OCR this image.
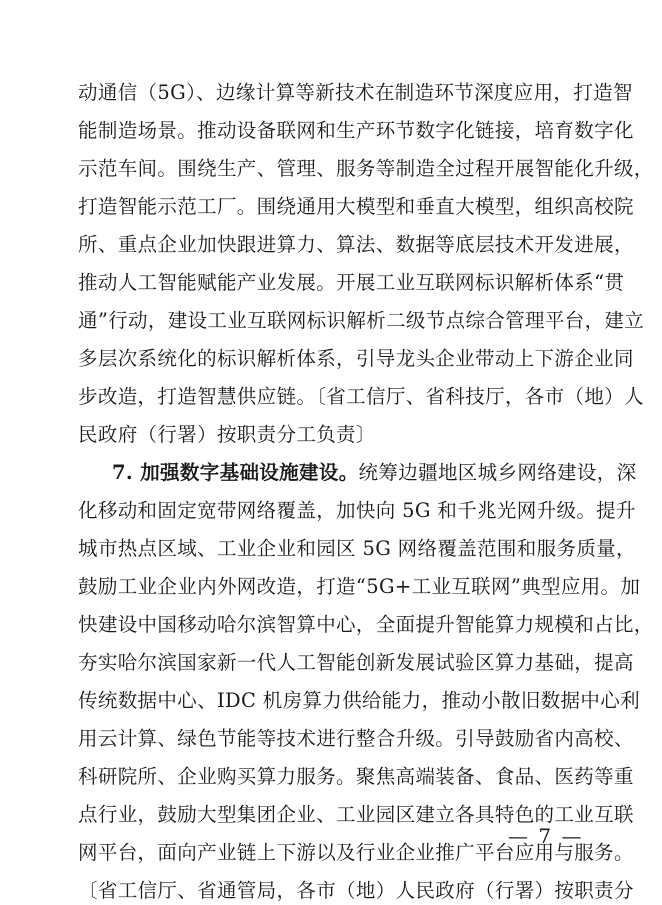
动通信（5G）、边缘计算等新技术在制造环节深度应用，打造智
能制造场景。推动设备联网和生产环节数字化链接，培育数字化
示范车间。围绕生产、管理、服务等制造全过程开展智能化升级，
打造智能示范工厂。围绕通用大模型和垂直大模型，组织高校院
所、重点企业加快跟进算力、算法、数据等底层技术开发进展，
推动人工智能赋能产业发展。开展工业互联网标识解析体系“贯
通”行动，建设工业互联网标识解析二级节点综合管理平台，建立
多层次系统化的标识解析体系，引导龙头企业带动上下游企业同
步改造，打造智慧供应链。〔省工信厅、省科技厅，各市（地）人
民政府（行署）按职责分工负责〕
7. 加强数字基础设施建设。统筹边疆地区城乡网络建设，深
化移动和固定宽带网络覆盖，加快向 5G 和千兆光网升级。提升
城市热点区域、工业企业和园区 5G 网络覆盖范围和服务质量，
鼓励工业企业内外网改造，打造“5G+工业互联网”典型应用。加
快建设中国移动哈尔滨智算中心，全面提升智能算力规模和占比，
夯实哈尔滨国家新一代人工智能创新发展试验区算力基础，提高
传统数据中心、IDC 机房算力供给能力，推动小散旧数据中心利
用云计算、绿色节能等技术进行整合升级。引导鼓励省内高校、
科研院所、企业购买算力服务。聚焦高端装备、食品、医药等重
点行业，鼓励大型集团企业、工业园区建立各具特色的工业互联
网平台，面向产业链上下游以及行业企业推广平台应用与服务。
〔省工信厅、省通管局，各市（地）人民政府（行署）按职责分
— 7 —
